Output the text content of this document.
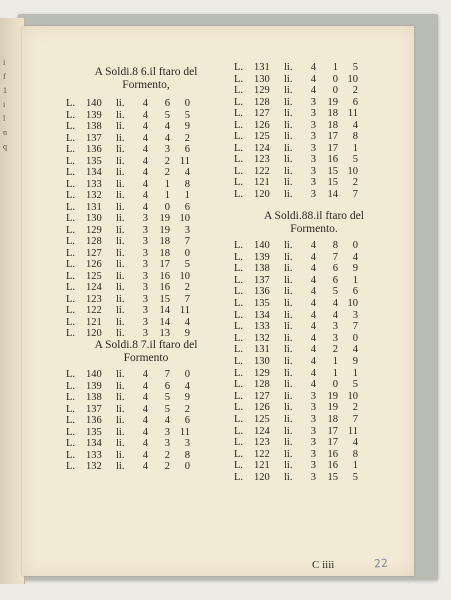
i
f
1
i
l
n
q
A Soldi.8 6.il ftaro del
Formento,
A Soldi.8 7.il ftaro del
Formento
L. 140 li.	4	6	0
L. 139 li.	4	5	5
L. 138 li.	4	4	9
L. 137 li.	4	4	2
L. 136 li.	4	3	6
L. 135 li.	4	2 11
L. 134 li.	4	2	4
L. 133 li.	4	1	8
L. 132 li.	4	1	1
L. 131 li.	4	0	6
L. 130 li.	3	19 10
L. 129 li.	3	19	3
L. 128 li.	3	18	7
L. 127 li.	3	18	0
L. 126 li.	3	17	5
L. 125 li.	3	16 10
L. 124 li.	3	16	2
L. 123 li.	3	15	7
L. 122 li.	3	14 11
L. 121 li.	3	14	4
L. 120 li.	3	13	9
L. 140 li.	4	7	0
L. 139 li.	4	6	4
L. 138 li.	4	5	9
L. 137 li.	4	5	2
L. 136 li.	4	4	6
L. 135 li.	4	3 11
L. 134 li.	4	3	3
L. 133 li.	4	2	8
L. 132 li.	4	2	0
A Soldi.88.il ftaro del
Formento.
L. 131 li.	4	1	5
L. 130 li.	4	0 10
L. 129 li.	4	0	2
L. 128 li.	3	19	6
L. 127 li.	3	18 11
L. 126 li.	3	18	4
L. 125 li.	3	17	8
L. 124 li.	3	17	1
L. 123 li.	3	16	5
L. 122 li.	3	15 10
L. 121 li.	3	15	2
L. 120 li.	3	14	7
L. 140 li.	4	8	0
L. 139 li.	4	7	4
L. 138 li.	4	6	9
L. 137 li.	4	6	1
L. 136 li.	4	5	6
L. 135 li.	4	4 10
L. 134 li.	4	4	3
L. 133 li.	4	3	7
L. 132 li.	4	3	0
L. 131 li.	4	2	4
L. 130 li.	4	1	9
L. 129 li.	4	1	1
L. 128 li.	4	0	5
L. 127 li.	3	19 10
L. 126 li.	3	19	2
L. 125 li.	3	18	7
L. 124 li.	3	17 11
L. 123 li.	3	17	4
L. 122 li.	3	16	8
L. 121 li.	3	16	1
L. 120 li.	3	15	5
C iiii	22
